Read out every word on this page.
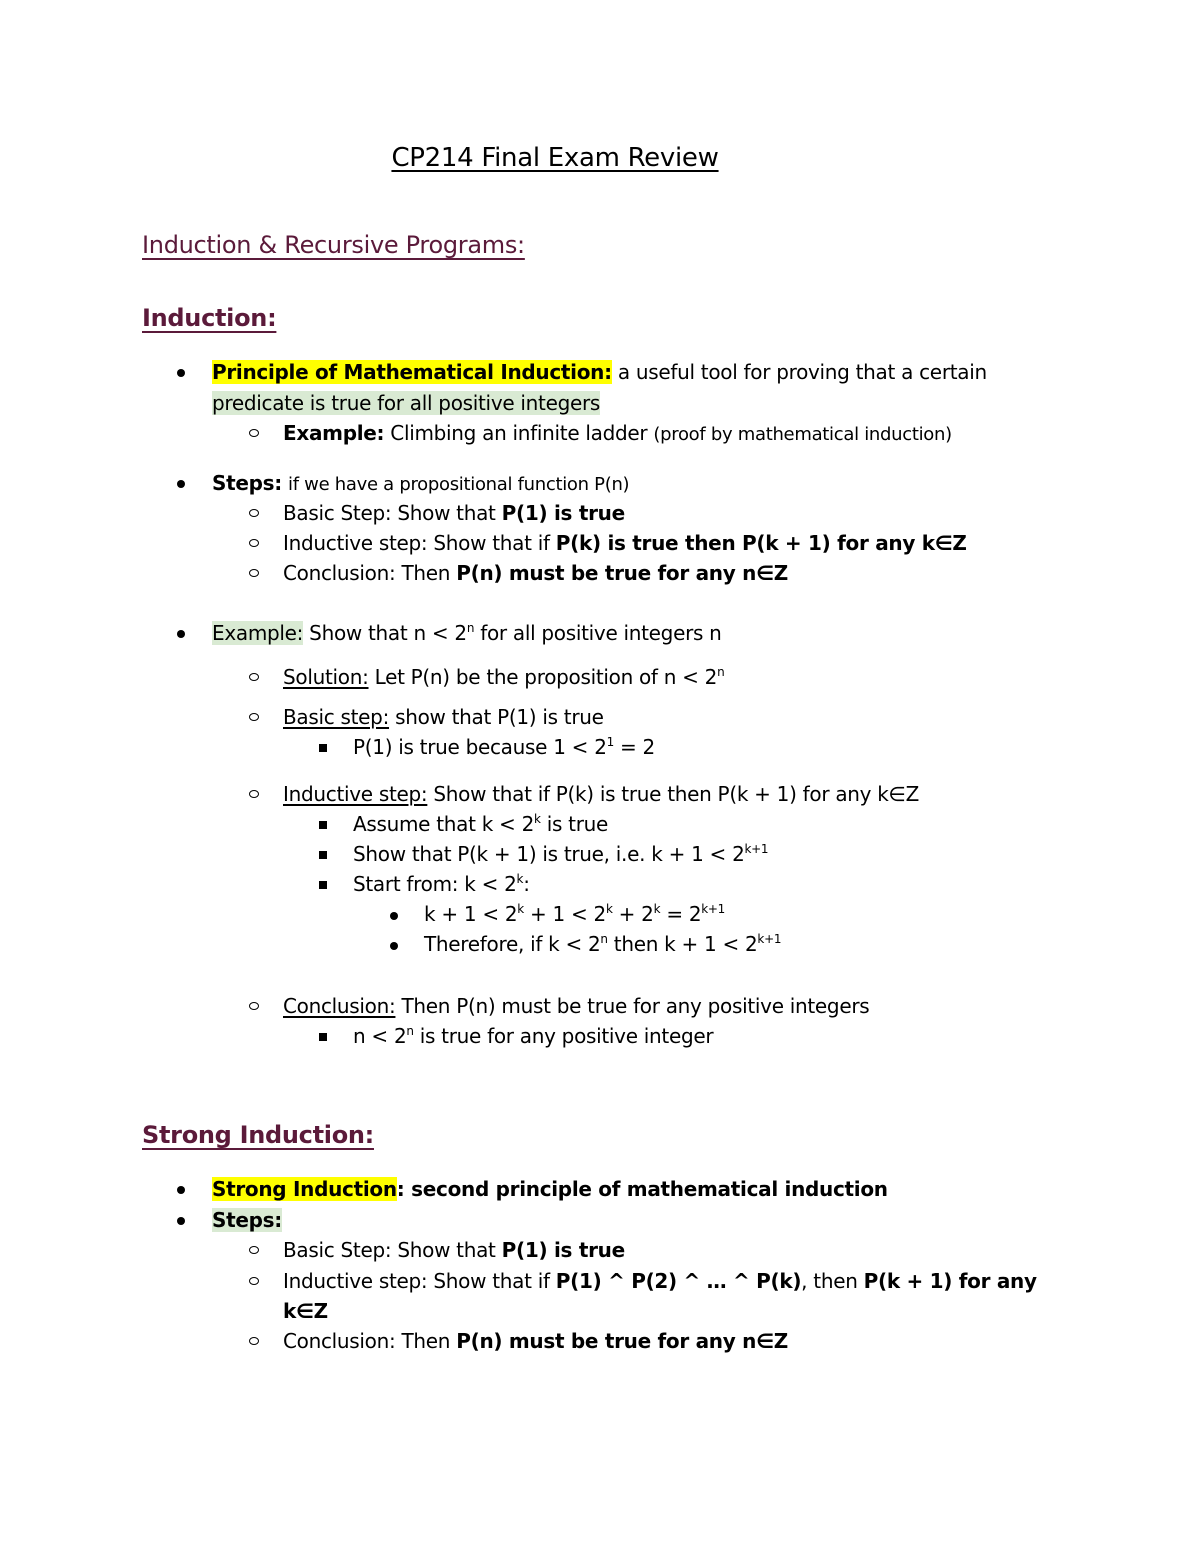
CP214 Final Exam Review
Induction & Recursive Programs:
Induction:
Principle of Mathematical Induction: a useful tool for proving that a certain
predicate is true for all positive integers
Example: Climbing an infinite ladder (proof by mathematical induction)
Steps: if we have a propositional function P(n)
Basic Step: Show that P(1) is true
Inductive step: Show that if P(k) is true then P(k + 1) for any k∈Z
Conclusion: Then P(n) must be true for any n∈Z
Example: Show that $n < 2^n$ for all positive integers n
Solution: Let P(n) be the proposition of $n < 2^n$
Basic step: show that P(1) is true
P(1) is true because $1 < 2^1 = 2$
Inductive step: Show that if P(k) is true then P(k + 1) for any k∈Z
Assume that $k < 2^k$ is true
Show that P(k + 1) is true, i.e. $k + 1 < 2^{k+1}$
Start from: $k < 2^k$:
$k + 1 < 2^k + 1 < 2^k + 2^k = 2^{k+1}$
Therefore, if $k < 2^n$ then $k + 1 < 2^{k+1}$
Conclusion: Then P(n) must be true for any positive integers
$n < 2^n$ is true for any positive integer
Strong Induction:
Strong Induction: second principle of mathematical induction
Steps:
Basic Step: Show that P(1) is true
Inductive step: Show that if P(1) ^ P(2) ^ … ^ P(k), then P(k + 1) for any
k∈Z
Conclusion: Then P(n) must be true for any n∈Z
